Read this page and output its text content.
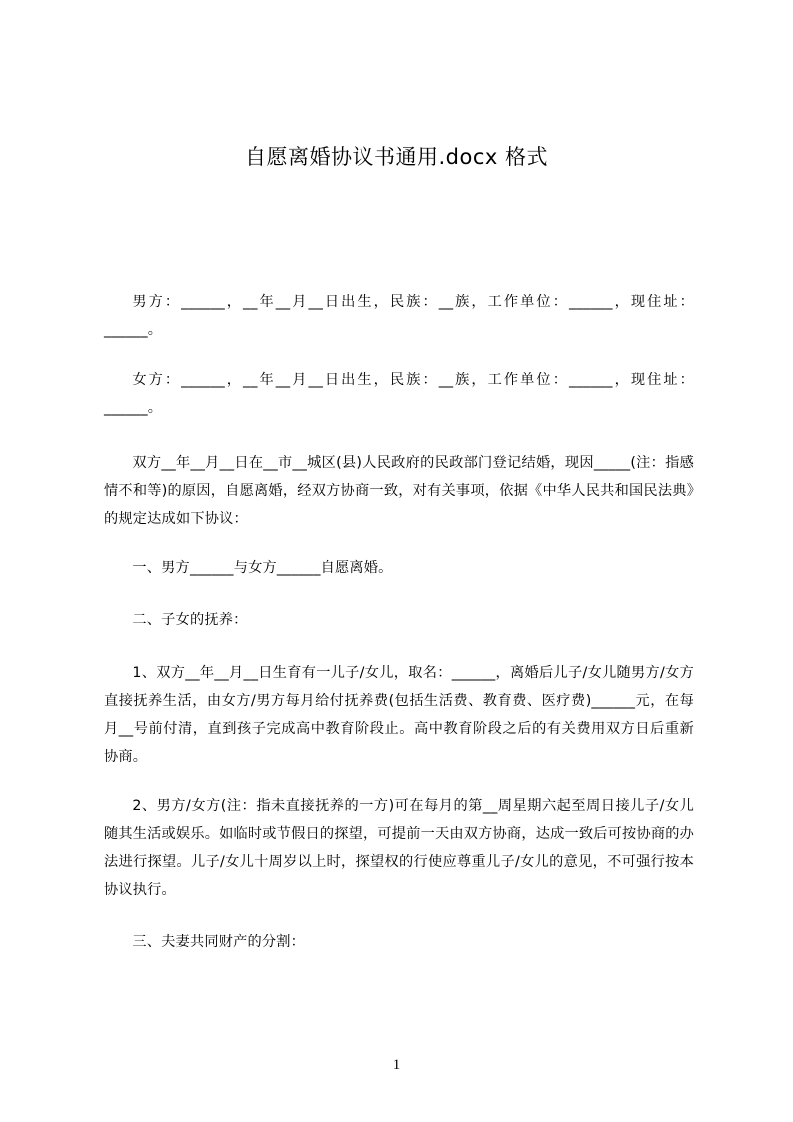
自愿离婚协议书通用.docx 格式
男方：______，__年__月__日出生，民族：__族，工作单位：______，现住址：______。
女方：______，__年__月__日出生，民族：__族，工作单位：______，现住址：______。
双方__年__月__日在__市__城区(县)人民政府的民政部门登记结婚，现因_____(注：指感情不和等)的原因，自愿离婚，经双方协商一致，对有关事项，依据《中华人民共和国民法典》的规定达成如下协议：
一、男方______与女方______自愿离婚。
二、子女的抚养：
1、双方__年__月__日生育有一儿子/女儿，取名：______，离婚后儿子/女儿随男方/女方直接抚养生活，由女方/男方每月给付抚养费(包括生活费、教育费、医疗费)______元，在每月__号前付清，直到孩子完成高中教育阶段止。高中教育阶段之后的有关费用双方日后重新协商。
2、男方/女方(注：指未直接抚养的一方)可在每月的第__周星期六起至周日接儿子/女儿随其生活或娱乐。如临时或节假日的探望，可提前一天由双方协商，达成一致后可按协商的办法进行探望。儿子/女儿十周岁以上时，探望权的行使应尊重儿子/女儿的意见，不可强行按本协议执行。
三、夫妻共同财产的分割：
1
